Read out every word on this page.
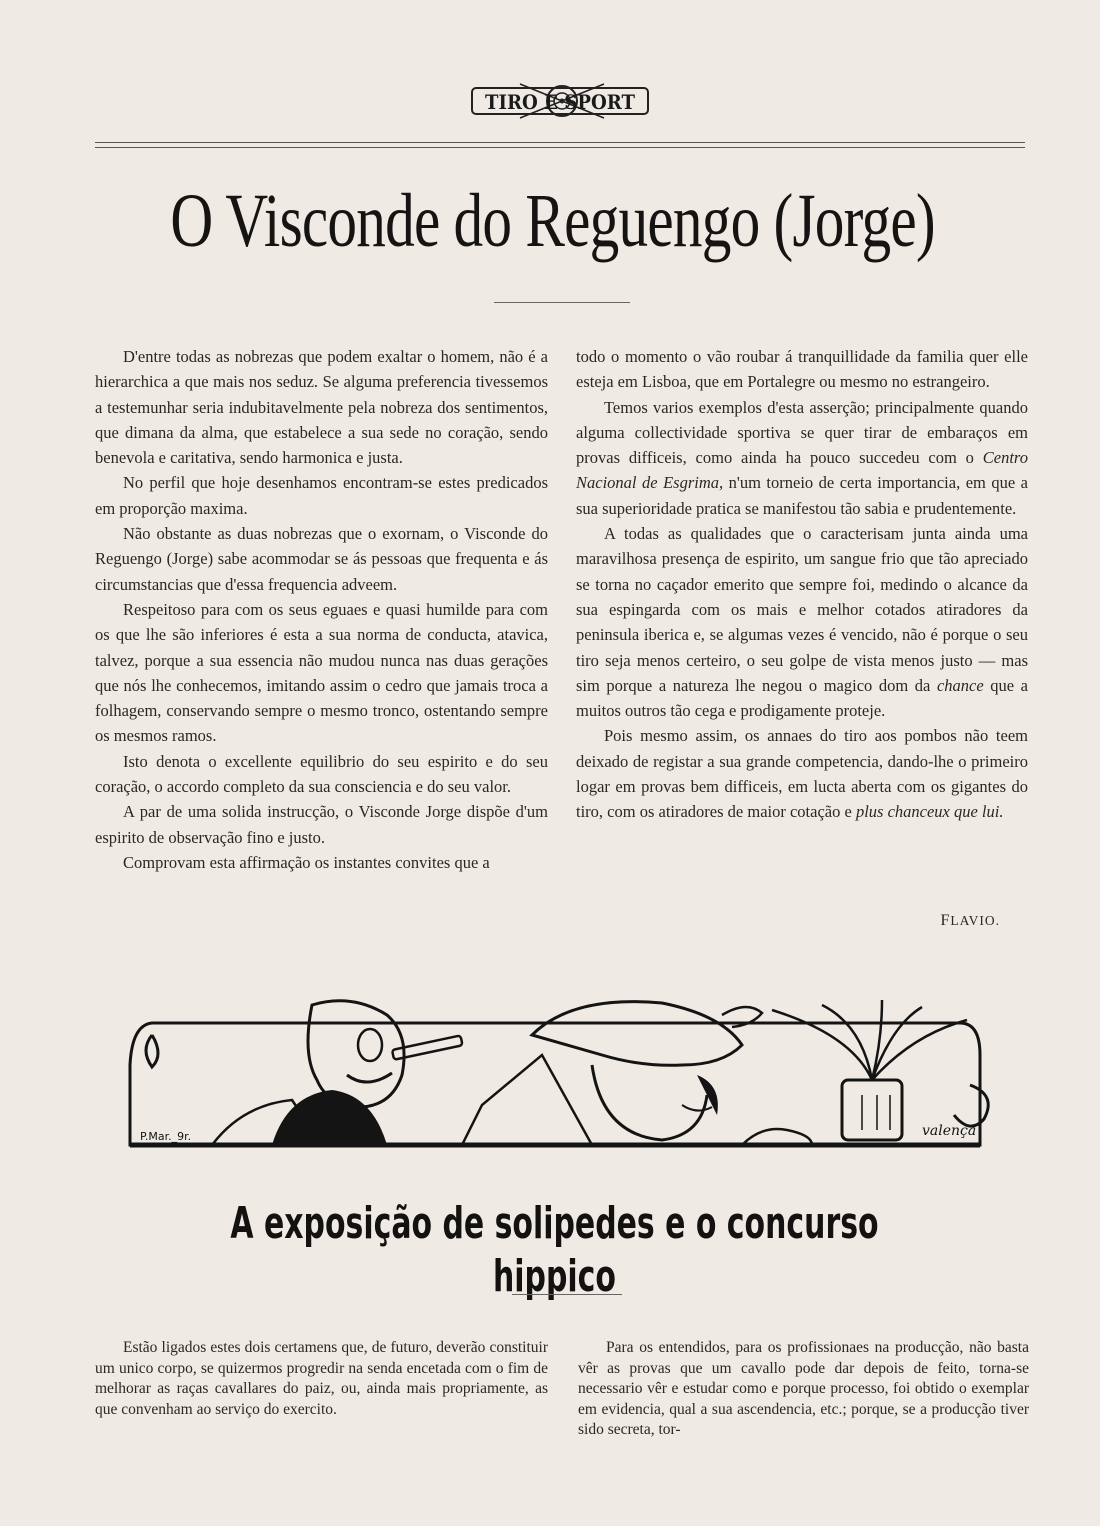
TIRO E SPORT
O Visconde do Reguengo (Jorge)

D'entre todas as nobrezas que podem exaltar o homem, não é a hierarchica a que mais nos seduz. Se alguma preferencia tivessemos a testemunhar seria indubitavelmente pela nobreza dos sentimentos, que dimana da alma, que estabelece a sua sede no coração, sendo benevola e caritativa, sendo harmonica e justa.

No perfil que hoje desenhamos encontram-se estes predicados em proporção maxima.

Não obstante as duas nobrezas que o exornam, o Visconde do Reguengo (Jorge) sabe acommodar se ás pessoas que frequenta e ás circumstancias que d'essa frequencia adveem.

Respeitoso para com os seus eguaes e quasi humilde para com os que lhe são inferiores é esta a sua norma de conducta, atavica, talvez, porque a sua essencia não mudou nunca nas duas gerações que nós lhe conhecemos, imitando assim o cedro que jamais troca a folhagem, conservando sempre o mesmo tronco, ostentando sempre os mesmos ramos.

Isto denota o excellente equilibrio do seu espirito e do seu coração, o accordo completo da sua consciencia e do seu valor.

A par de uma solida instrucção, o Visconde Jorge dispõe d'um espirito de observação fino e justo.

Comprovam esta affirmação os instantes convites que a

todo o momento o vão roubar á tranquillidade da familia quer elle esteja em Lisboa, que em Portalegre ou mesmo no estrangeiro.

Temos varios exemplos d'esta asserção; principalmente quando alguma collectividade sportiva se quer tirar de embaraços em provas difficeis, como ainda ha pouco succedeu com o Centro Nacional de Esgrima, n'um torneio de certa importancia, em que a sua superioridade pratica se manifestou tão sabia e prudentemente.

A todas as qualidades que o caracterisam junta ainda uma maravilhosa presença de espirito, um sangue frio que tão apreciado se torna no caçador emerito que sempre foi, medindo o alcance da sua espingarda com os mais e melhor cotados atiradores da peninsula iberica e, se algumas vezes é vencido, não é porque o seu tiro seja menos certeiro, o seu golpe de vista menos justo — mas sim porque a natureza lhe negou o magico dom da chance que a muitos outros tão cega e prodigamente proteje.

Pois mesmo assim, os annaes do tiro aos pombos não teem deixado de registar a sua grande competencia, dando-lhe o primeiro logar em provas bem difficeis, em lucta aberta com os gigantes do tiro, com os atiradores de maior cotação e plus chanceux que lui.

FLAVIO.
P.Mar._9r.	valença
A exposição de solipedes e o concurso hippico

Estão ligados estes dois certamens que, de futuro, deverão constituir um unico corpo, se quizermos progredir na senda encetada com o fim de melhorar as raças cavallares do paiz, ou, ainda mais propriamente, as que convenham ao serviço do exercito.

Para os entendidos, para os profissionaes na producção, não basta vêr as provas que um cavallo pode dar depois de feito, torna-se necessario vêr e estudar como e porque processo, foi obtido o exemplar em evidencia, qual a sua ascendencia, etc.; porque, se a producção tiver sido secreta, tor-
